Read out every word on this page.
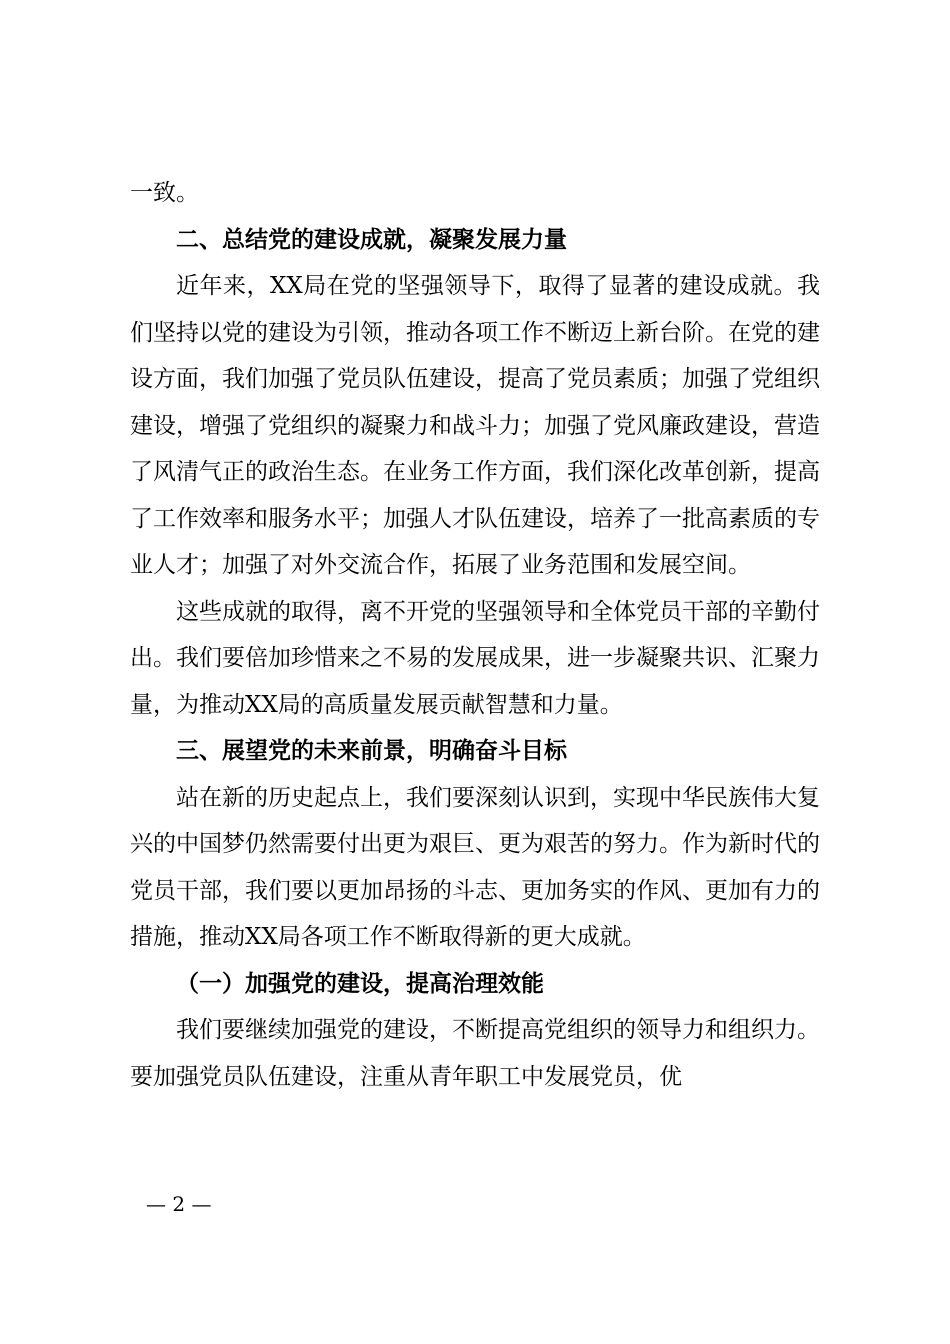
一致。

二、总结党的建设成就，凝聚发展力量

近年来，XX局在党的坚强领导下，取得了显著的建设成就。我们坚持以党的建设为引领，推动各项工作不断迈上新台阶。在党的建设方面，我们加强了党员队伍建设，提高了党员素质；加强了党组织建设，增强了党组织的凝聚力和战斗力；加强了党风廉政建设，营造了风清气正的政治生态。在业务工作方面，我们深化改革创新，提高了工作效率和服务水平；加强人才队伍建设，培养了一批高素质的专业人才；加强了对外交流合作，拓展了业务范围和发展空间。

这些成就的取得，离不开党的坚强领导和全体党员干部的辛勤付出。我们要倍加珍惜来之不易的发展成果，进一步凝聚共识、汇聚力量，为推动XX局的高质量发展贡献智慧和力量。

三、展望党的未来前景，明确奋斗目标

站在新的历史起点上，我们要深刻认识到，实现中华民族伟大复兴的中国梦仍然需要付出更为艰巨、更为艰苦的努力。作为新时代的党员干部，我们要以更加昂扬的斗志、更加务实的作风、更加有力的措施，推动XX局各项工作不断取得新的更大成就。

（一）加强党的建设，提高治理效能

我们要继续加强党的建设，不断提高党组织的领导力和组织力。要加强党员队伍建设，注重从青年职工中发展党员，优

— 2 —
